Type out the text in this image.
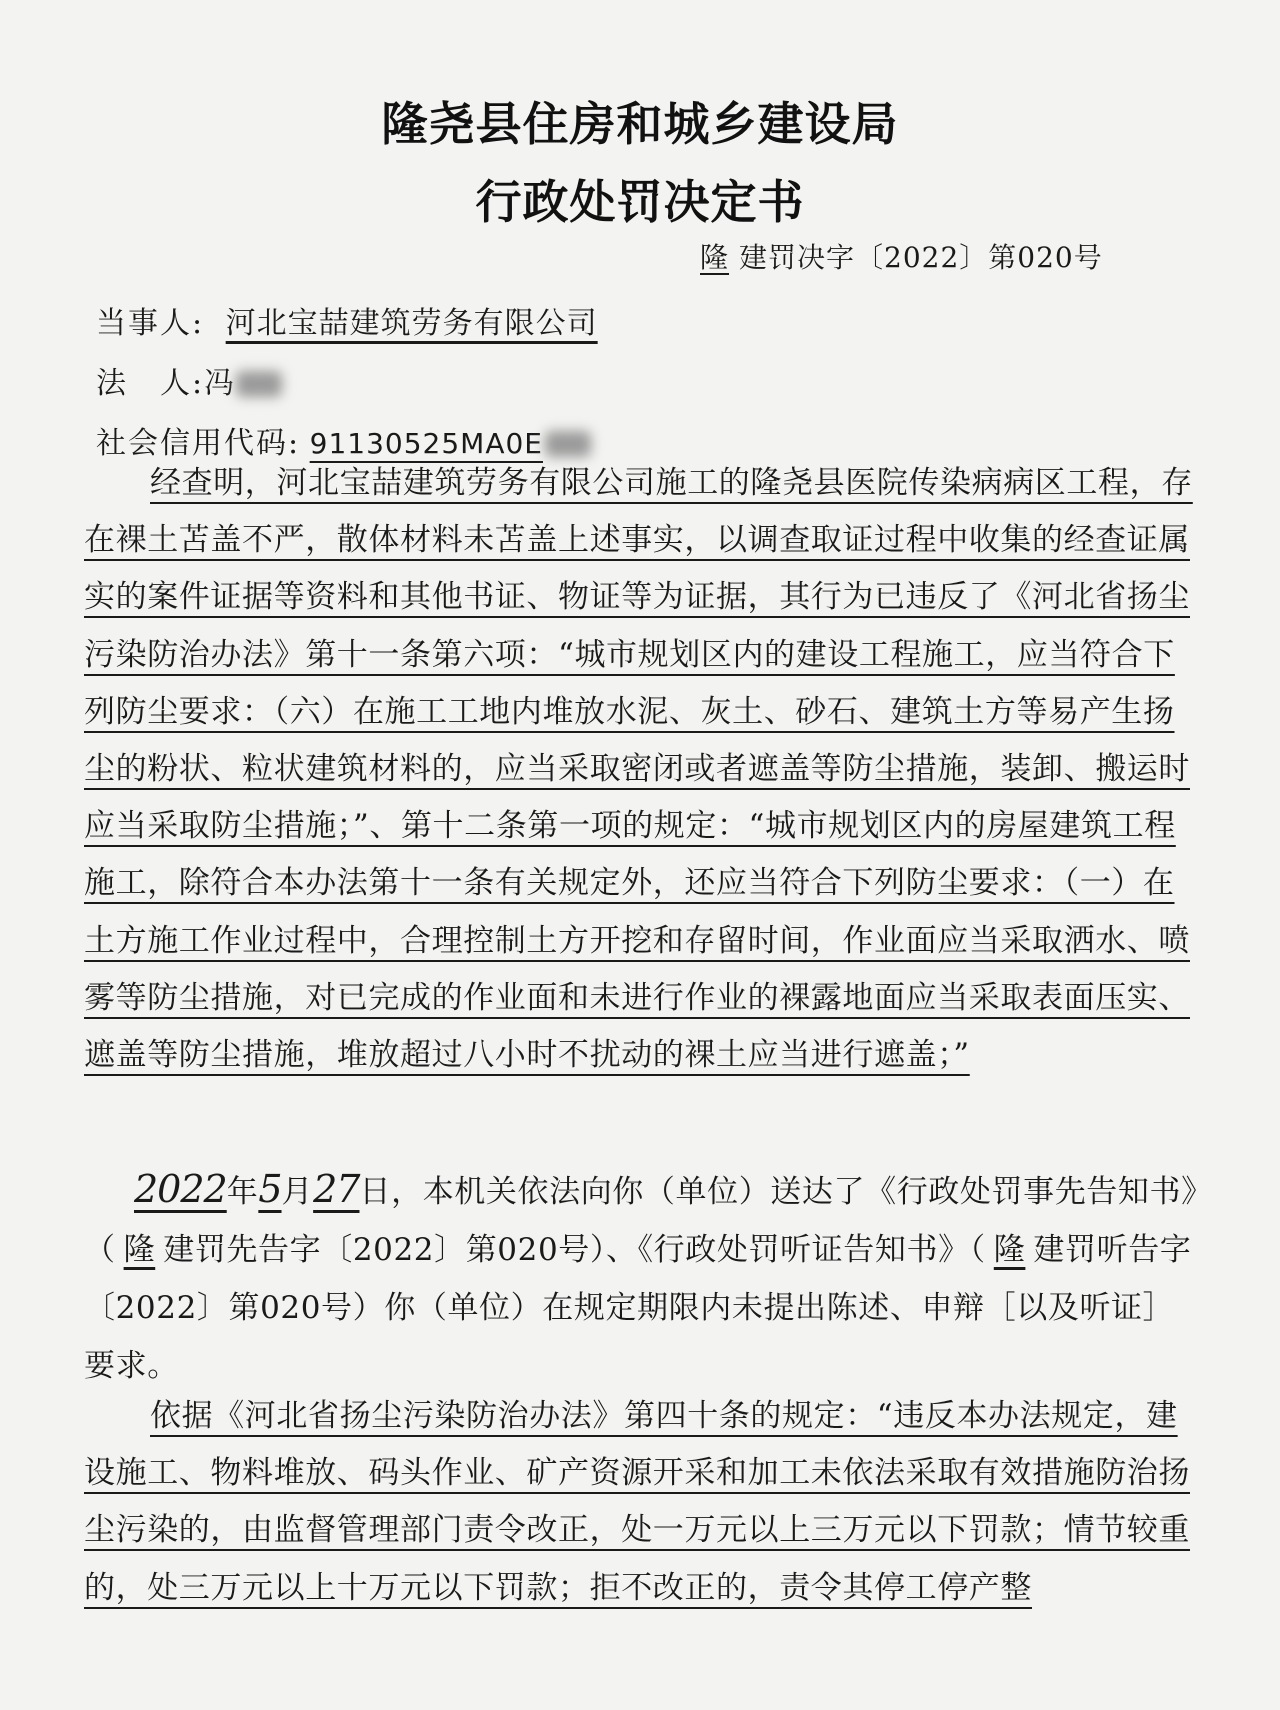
隆尧县住房和城乡建设局
行政处罚决定书
隆 建罚决字〔2022〕第020号
当事人: 河北宝喆建筑劳务有限公司
法　人:冯
社会信用代码: 91130525MA0E
经查明，河北宝喆建筑劳务有限公司施工的隆尧县医院传染病病区工程，存在裸土苫盖不严，散体材料未苫盖上述事实，以调查取证过程中收集的经查证属实的案件证据等资料和其他书证、物证等为证据，其行为已违反了《河北省扬尘污染防治办法》第十一条第六项：“城市规划区内的建设工程施工，应当符合下列防尘要求：（六）在施工工地内堆放水泥、灰土、砂石、建筑土方等易产生扬尘的粉状、粒状建筑材料的，应当采取密闭或者遮盖等防尘措施，装卸、搬运时应当采取防尘措施；”、第十二条第一项的规定：“城市规划区内的房屋建筑工程施工，除符合本办法第十一条有关规定外，还应当符合下列防尘要求：（一）在土方施工作业过程中，合理控制土方开挖和存留时间，作业面应当采取洒水、喷雾等防尘措施，对已完成的作业面和未进行作业的裸露地面应当采取表面压实、遮盖等防尘措施，堆放超过八小时不扰动的裸土应当进行遮盖；”
2022年5月27日，本机关依法向你（单位）送达了《行政处罚事先告知书》（ 隆 建罚先告字〔2022〕第020号）、《行政处罚听证告知书》（ 隆 建罚听告字〔2022〕第020号）你（单位）在规定期限内未提出陈述、申辩［以及听证］要求。
依据《河北省扬尘污染防治办法》第四十条的规定：“违反本办法规定，建设施工、物料堆放、码头作业、矿产资源开采和加工未依法采取有效措施防治扬尘污染的，由监督管理部门责令改正，处一万元以上三万元以下罚款；情节较重的，处三万元以上十万元以下罚款；拒不改正的，责令其停工停产整
